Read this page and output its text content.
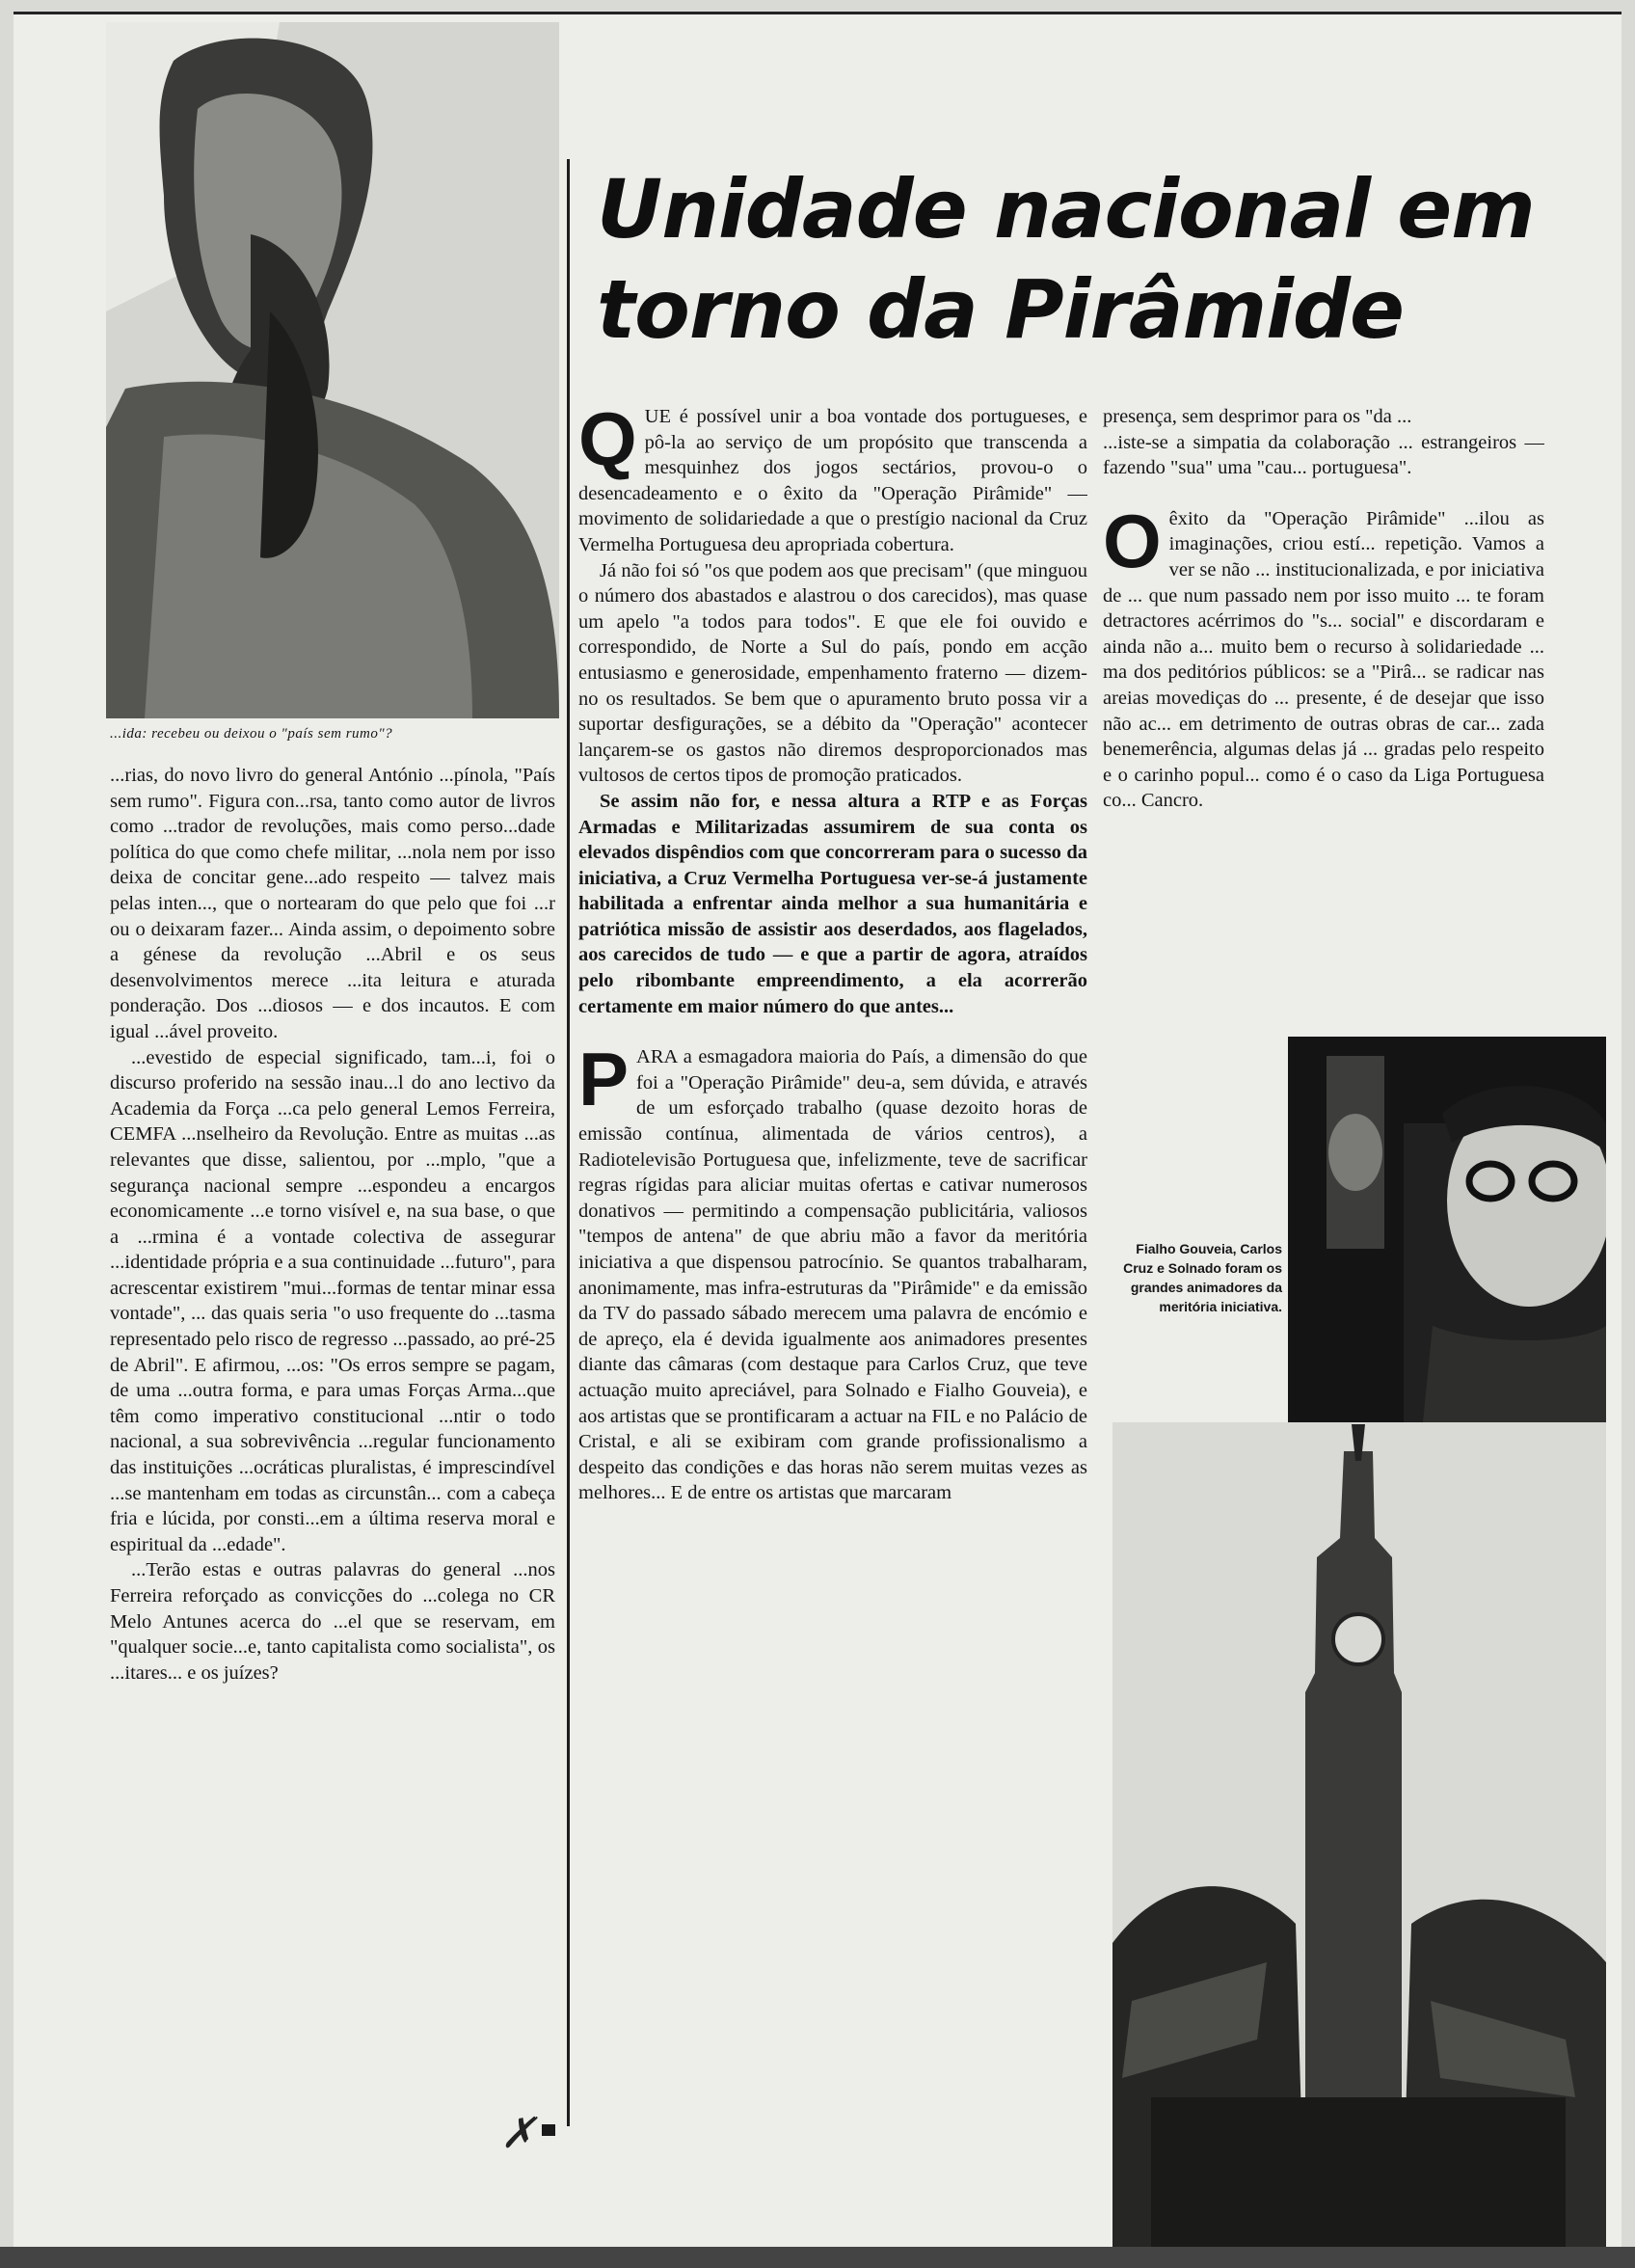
...ida: recebeu ou deixou o "país sem rumo"?

...rias, do novo livro do general António ...pínola, "País sem rumo". Figura con...rsa, tanto como autor de livros como ...trador de revoluções, mais como perso...dade política do que como chefe militar, ...nola nem por isso deixa de concitar gene...ado respeito — talvez mais pelas inten..., que o nortearam do que pelo que foi ...r ou o deixaram fazer... Ainda assim, o depoimento sobre a génese da revolução ...Abril e os seus desenvolvimentos merece ...ita leitura e aturada ponderação. Dos ...diosos — e dos incautos. E com igual ...ável proveito.

...evestido de especial significado, tam...i, foi o discurso proferido na sessão inau...l do ano lectivo da Academia da Força ...ca pelo general Lemos Ferreira, CEMFA ...nselheiro da Revolução. Entre as muitas ...as relevantes que disse, salientou, por ...mplo, "que a segurança nacional sempre ...espondeu a encargos economicamente ...e torno visível e, na sua base, o que a ...rmina é a vontade colectiva de assegurar ...identidade própria e a sua continuidade ...futuro", para acrescentar existirem "mui...formas de tentar minar essa vontade", ... das quais seria "o uso frequente do ...tasma representado pelo risco de regresso ...passado, ao pré-25 de Abril". E afirmou, ...os: "Os erros sempre se pagam, de uma ...outra forma, e para umas Forças Arma...que têm como imperativo constitucional ...ntir o todo nacional, a sua sobrevivência ...regular funcionamento das instituições ...ocráticas pluralistas, é imprescindível ...se mantenham em todas as circunstân... com a cabeça fria e lúcida, por consti...em a última reserva moral e espiritual da ...edade".

...Terão estas e outras palavras do general ...nos Ferreira reforçado as convicções do ...colega no CR Melo Antunes acerca do ...el que se reservam, em "qualquer socie...e, tanto capitalista como socialista", os ...itares... e os juízes?

Unidade nacional em torno da Pirâmide

Q UE é possível unir a boa vontade dos portugueses, e pô-la ao serviço de um propósito que transcenda a mesquinhez dos jogos sectários, provou-o o desencadeamento e o êxito da "Operação Pirâmide" — movimento de solidariedade a que o prestígio nacional da Cruz Vermelha Portuguesa deu apropriada cobertura.

Já não foi só "os que podem aos que precisam" (que minguou o número dos abastados e alastrou o dos carecidos), mas quase um apelo "a todos para todos". E que ele foi ouvido e correspondido, de Norte a Sul do país, pondo em acção entusiasmo e generosidade, empenhamento fraterno — dizem-no os resultados. Se bem que o apuramento bruto possa vir a suportar desfigurações, se a débito da "Operação" acontecer lançarem-se os gastos não diremos desproporcionados mas vultosos de certos tipos de promoção praticados.

Se assim não for, e nessa altura a RTP e as Forças Armadas e Militarizadas assumirem de sua conta os elevados dispêndios com que concorreram para o sucesso da iniciativa, a Cruz Vermelha Portuguesa ver-se-á justamente habilitada a enfrentar ainda melhor a sua humanitária e patriótica missão de assistir aos deserdados, aos flagelados, aos carecidos de tudo — e que a partir de agora, atraídos pelo ribombante empreendimento, a ela acorrerão certamente em maior número do que antes...

P ARA a esmagadora maioria do País, a dimensão do que foi a "Operação Pirâmide" deu-a, sem dúvida, e através de um esforçado trabalho (quase dezoito horas de emissão contínua, alimentada de vários centros), a Radiotelevisão Portuguesa que, infelizmente, teve de sacrificar regras rígidas para aliciar muitas ofertas e cativar numerosos donativos — permitindo a compensação publicitária, valiosos "tempos de antena" de que abriu mão a favor da meritória iniciativa a que dispensou patrocínio. Se quantos trabalharam, anonimamente, mas infra-estruturas da "Pirâmide" e da emissão da TV do passado sábado merecem uma palavra de encómio e de apreço, ela é devida igualmente aos animadores presentes diante das câmaras (com destaque para Carlos Cruz, que teve actuação muito apreciável, para Solnado e Fialho Gouveia), e aos artistas que se prontificaram a actuar na FIL e no Palácio de Cristal, e ali se exibiram com grande profissionalismo a despeito das condições e das horas não serem muitas vezes as melhores... E de entre os artistas que marcaram

presença, sem desprimor para os "da ...

...iste-se a simpatia da colaboração ... estrangeiros — fazendo "sua" uma "cau... portuguesa".

O êxito da "Operação Pirâmide" ...ilou as imaginações, criou estí... repetição. Vamos a ver se não ... institucionalizada, e por iniciativa de ... que num passado nem por isso muito ... te foram detractores acérrimos do "s... social" e discordaram e ainda não a... muito bem o recurso à solidariedade ... ma dos peditórios públicos: se a "Pirâ... se radicar nas areias movediças do ... presente, é de desejar que isso não ac... em detrimento de outras obras de car... zada benemerência, algumas delas já ... gradas pelo respeito e o carinho popul... como é o caso da Liga Portuguesa co... Cancro.

Fialho Gouveia, Carlos Cruz e Solnado foram os grandes animadores da meritória iniciativa.
✗
